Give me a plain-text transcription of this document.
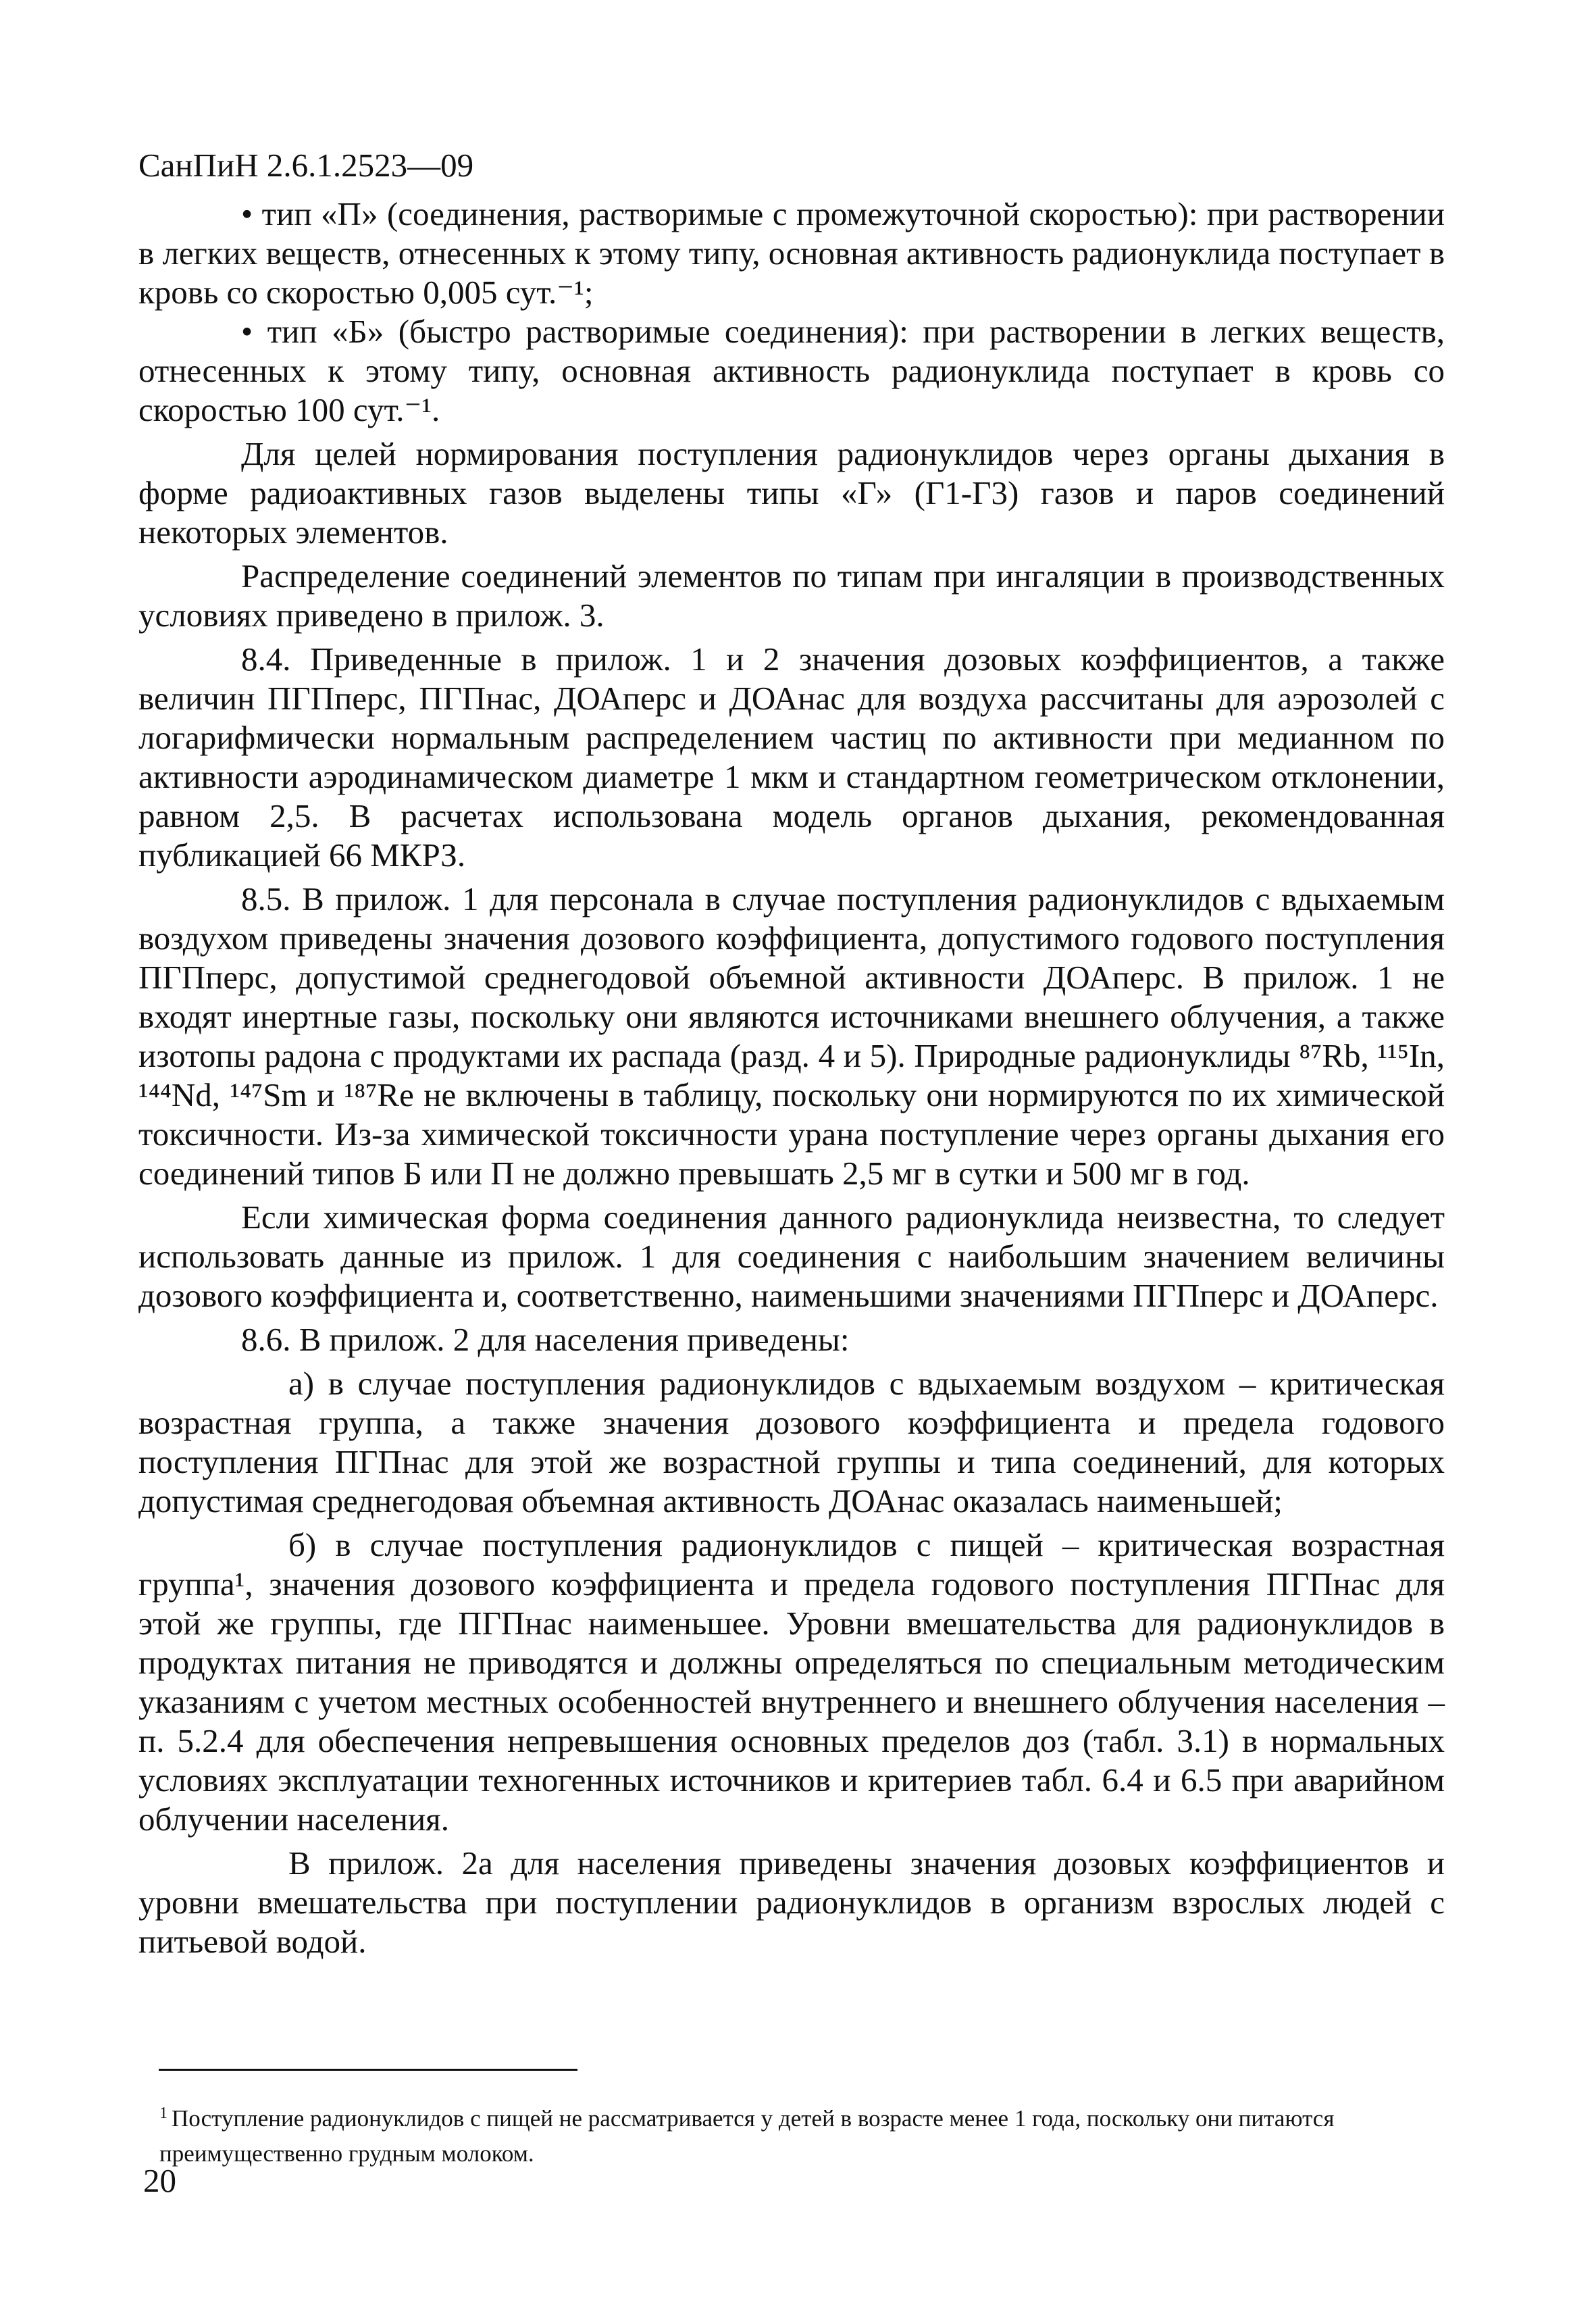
СанПиН 2.6.1.2523—09

• тип «П» (соединения, растворимые с промежуточной скоростью): при растворении в легких веществ, отнесенных к этому типу, основная активность радионуклида поступает в кровь со скоростью 0,005 сут.⁻¹;

• тип «Б» (быстро растворимые соединения): при растворении в легких веществ, отнесенных к этому типу, основная активность радионуклида поступает в кровь со скоростью 100 сут.⁻¹.

Для целей нормирования поступления радионуклидов через органы дыхания в форме радиоактивных газов выделены типы «Г» (Г1-Г3) газов и паров соединений некоторых элементов.

Распределение соединений элементов по типам при ингаляции в производственных условиях приведено в прилож. 3.

8.4. Приведенные в прилож. 1 и 2 значения дозовых коэффициентов, а также величин ПГПперс, ПГПнас, ДОАперс и ДОАнас для воздуха рассчитаны для аэрозолей с логарифмически нормальным распределением частиц по активности при медианном по активности аэродинамическом диаметре 1 мкм и стандартном геометрическом отклонении, равном 2,5. В расчетах использована модель органов дыхания, рекомендованная публикацией 66 МКРЗ.

8.5. В прилож. 1 для персонала в случае поступления радионуклидов с вдыхаемым воздухом приведены значения дозового коэффициента, допустимого годового поступления ПГПперс, допустимой среднегодовой объемной активности ДОАперс. В прилож. 1 не входят инертные газы, поскольку они являются источниками внешнего облучения, а также изотопы радона с продуктами их распада (разд. 4 и 5). Природные радионуклиды ⁸⁷Rb, ¹¹⁵In, ¹⁴⁴Nd, ¹⁴⁷Sm и ¹⁸⁷Re не включены в таблицу, поскольку они нормируются по их химической токсичности. Из-за химической токсичности урана поступление через органы дыхания его соединений типов Б или П не должно превышать 2,5 мг в сутки и 500 мг в год.

Если химическая форма соединения данного радионуклида неизвестна, то следует использовать данные из прилож. 1 для соединения с наибольшим значением величины дозового коэффициента и, соответственно, наименьшими значениями ПГПперс и ДОАперс.

8.6. В прилож. 2 для населения приведены:

а) в случае поступления радионуклидов с вдыхаемым воздухом – критическая возрастная группа, а также значения дозового коэффициента и предела годового поступления ПГПнас для этой же возрастной группы и типа соединений, для которых допустимая среднегодовая объемная активность ДОАнас оказалась наименьшей;

б) в случае поступления радионуклидов с пищей – критическая возрастная группа¹, значения дозового коэффициента и предела годового поступления ПГПнас для этой же группы, где ПГПнас наименьшее. Уровни вмешательства для радионуклидов в продуктах питания не приводятся и должны определяться по специальным методическим указаниям с учетом местных особенностей внутреннего и внешнего облучения населения – п. 5.2.4 для обеспечения непревышения основных пределов доз (табл. 3.1) в нормальных условиях эксплуатации техногенных источников и критериев табл. 6.4 и 6.5 при аварийном облучении населения.

В прилож. 2а для населения приведены значения дозовых коэффициентов и уровни вмешательства при поступлении радионуклидов в организм взрослых людей с питьевой водой.

$^1$ Поступление радионуклидов с пищей не рассматривается у детей в возрасте менее 1 года, поскольку они питаются преимущественно грудным молоком.
20
